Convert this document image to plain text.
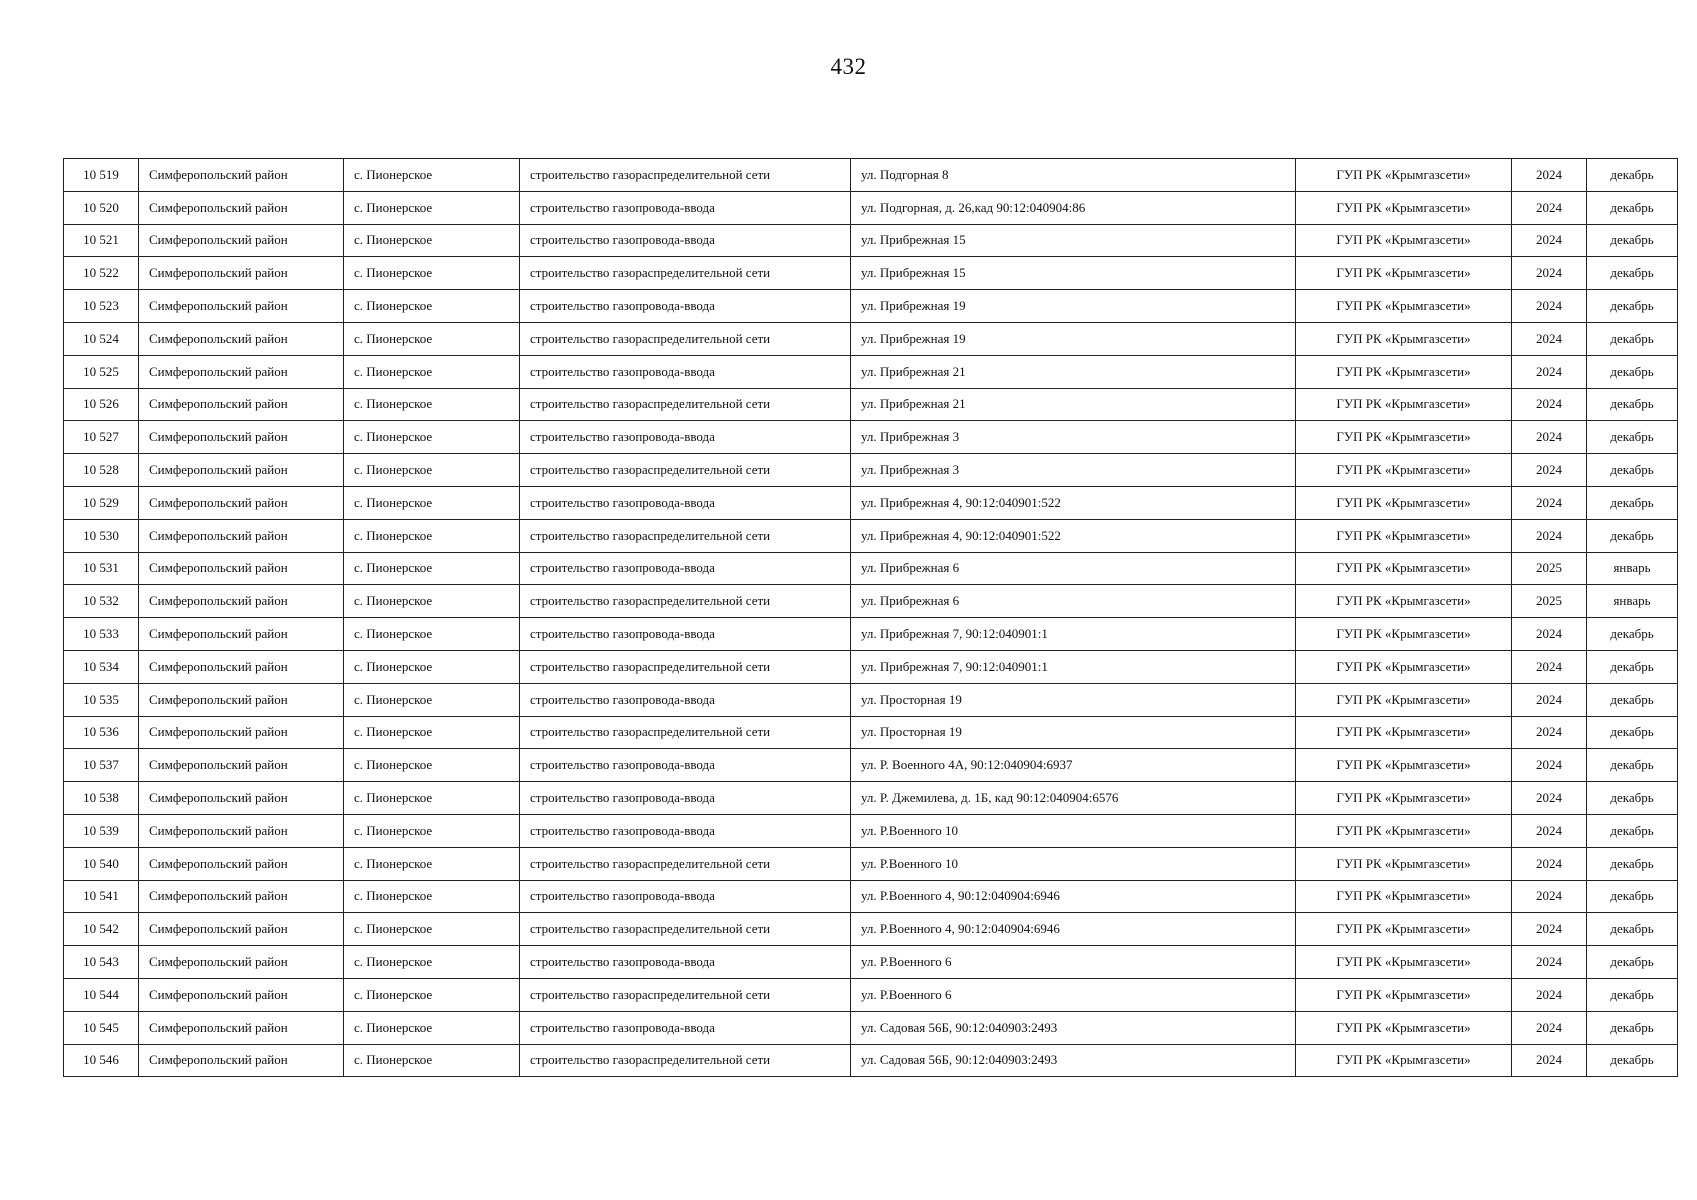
432
10 519	Симферопольский район	с. Пионерское	строительство газораспределительной сети	ул. Подгорная 8	ГУП РК «Крымгазсети»	2024	декабрь
10 520	Симферопольский район	с. Пионерское	строительство газопровода-ввода	ул. Подгорная, д. 26,кад 90:12:040904:86	ГУП РК «Крымгазсети»	2024	декабрь
10 521	Симферопольский район	с. Пионерское	строительство газопровода-ввода	ул. Прибрежная 15	ГУП РК «Крымгазсети»	2024	декабрь
10 522	Симферопольский район	с. Пионерское	строительство газораспределительной сети	ул. Прибрежная 15	ГУП РК «Крымгазсети»	2024	декабрь
10 523	Симферопольский район	с. Пионерское	строительство газопровода-ввода	ул. Прибрежная 19	ГУП РК «Крымгазсети»	2024	декабрь
10 524	Симферопольский район	с. Пионерское	строительство газораспределительной сети	ул. Прибрежная 19	ГУП РК «Крымгазсети»	2024	декабрь
10 525	Симферопольский район	с. Пионерское	строительство газопровода-ввода	ул. Прибрежная 21	ГУП РК «Крымгазсети»	2024	декабрь
10 526	Симферопольский район	с. Пионерское	строительство газораспределительной сети	ул. Прибрежная 21	ГУП РК «Крымгазсети»	2024	декабрь
10 527	Симферопольский район	с. Пионерское	строительство газопровода-ввода	ул. Прибрежная 3	ГУП РК «Крымгазсети»	2024	декабрь
10 528	Симферопольский район	с. Пионерское	строительство газораспределительной сети	ул. Прибрежная 3	ГУП РК «Крымгазсети»	2024	декабрь
10 529	Симферопольский район	с. Пионерское	строительство газопровода-ввода	ул. Прибрежная 4, 90:12:040901:522	ГУП РК «Крымгазсети»	2024	декабрь
10 530	Симферопольский район	с. Пионерское	строительство газораспределительной сети	ул. Прибрежная 4, 90:12:040901:522	ГУП РК «Крымгазсети»	2024	декабрь
10 531	Симферопольский район	с. Пионерское	строительство газопровода-ввода	ул. Прибрежная 6	ГУП РК «Крымгазсети»	2025	январь
10 532	Симферопольский район	с. Пионерское	строительство газораспределительной сети	ул. Прибрежная 6	ГУП РК «Крымгазсети»	2025	январь
10 533	Симферопольский район	с. Пионерское	строительство газопровода-ввода	ул. Прибрежная 7, 90:12:040901:1	ГУП РК «Крымгазсети»	2024	декабрь
10 534	Симферопольский район	с. Пионерское	строительство газораспределительной сети	ул. Прибрежная 7, 90:12:040901:1	ГУП РК «Крымгазсети»	2024	декабрь
10 535	Симферопольский район	с. Пионерское	строительство газопровода-ввода	ул. Просторная 19	ГУП РК «Крымгазсети»	2024	декабрь
10 536	Симферопольский район	с. Пионерское	строительство газораспределительной сети	ул. Просторная 19	ГУП РК «Крымгазсети»	2024	декабрь
10 537	Симферопольский район	с. Пионерское	строительство газопровода-ввода	ул. Р. Военного 4А, 90:12:040904:6937	ГУП РК «Крымгазсети»	2024	декабрь
10 538	Симферопольский район	с. Пионерское	строительство газопровода-ввода	ул. Р. Джемилева, д. 1Б, кад 90:12:040904:6576	ГУП РК «Крымгазсети»	2024	декабрь
10 539	Симферопольский район	с. Пионерское	строительство газопровода-ввода	ул. Р.Военного 10	ГУП РК «Крымгазсети»	2024	декабрь
10 540	Симферопольский район	с. Пионерское	строительство газораспределительной сети	ул. Р.Военного 10	ГУП РК «Крымгазсети»	2024	декабрь
10 541	Симферопольский район	с. Пионерское	строительство газопровода-ввода	ул. Р.Военного 4, 90:12:040904:6946	ГУП РК «Крымгазсети»	2024	декабрь
10 542	Симферопольский район	с. Пионерское	строительство газораспределительной сети	ул. Р.Военного 4, 90:12:040904:6946	ГУП РК «Крымгазсети»	2024	декабрь
10 543	Симферопольский район	с. Пионерское	строительство газопровода-ввода	ул. Р.Военного 6	ГУП РК «Крымгазсети»	2024	декабрь
10 544	Симферопольский район	с. Пионерское	строительство газораспределительной сети	ул. Р.Военного 6	ГУП РК «Крымгазсети»	2024	декабрь
10 545	Симферопольский район	с. Пионерское	строительство газопровода-ввода	ул. Садовая 56Б, 90:12:040903:2493	ГУП РК «Крымгазсети»	2024	декабрь
10 546	Симферопольский район	с. Пионерское	строительство газораспределительной сети	ул. Садовая 56Б, 90:12:040903:2493	ГУП РК «Крымгазсети»	2024	декабрь
